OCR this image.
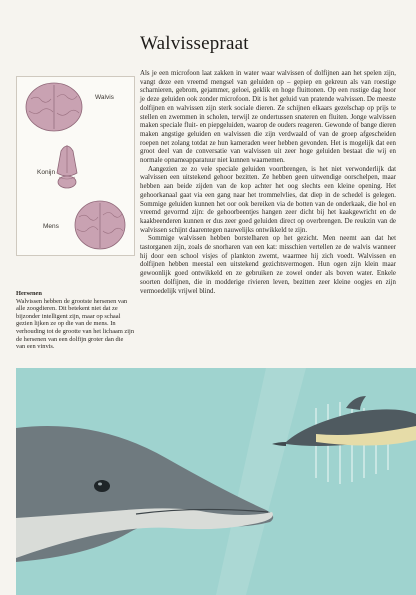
Walvissepraat
Walvis
Konijn
Mens
Hersenen
Walvissen hebben de grootste hersenen van alle zoogdieren. Dit betekent niet dat ze bijzonder intelligent zijn, maar op schaal gezien lijken ze op die van de mens. In verhouding tot de grootte van het lichaam zijn de hersenen van een dolfijn groter dan die van een vinvis.

Als je een microfoon laat zakken in water waar walvissen of dolfijnen aan het spelen zijn, vangt deze een vreemd mengsel van geluiden op – gepiep en gekreun als van roestige scharnieren, gebrom, gejammer, geloei, geklik en hoge fluittonen. Op een rustige dag hoor je deze geluiden ook zonder microfoon. Dit is het geluid van pratende walvissen. De meeste dolfijnen en walvissen zijn sterk sociale dieren. Ze schijnen elkaars gezelschap op prijs te stellen en zwemmen in scholen, terwijl ze ondertussen snateren en fluiten. Jonge walvissen maken speciale fluit- en piepgeluiden, waarop de ouders reageren. Gewonde of bange dieren maken angstige geluiden en walvissen die zijn verdwaald of van de groep afgescheiden roepen net zolang totdat ze hun kameraden weer hebben gevonden. Het is mogelijk dat een groot deel van de conversatie van walvissen uit zeer hoge geluiden bestaat die wij en normale opnameapparatuur niet kunnen waarnemen.

Aangezien ze zo vele speciale geluiden voortbrengen, is het niet verwonderlijk dat walvissen een uitstekend gehoor bezitten. Ze hebben geen uitwendige oorschelpen, maar hebben aan beide zijden van de kop achter het oog slechts een kleine opening. Het gehoorkanaal gaat via een gang naar het trommelvlies, dat diep in de schedel is gelegen. Sommige geluiden kunnen het oor ook bereiken via de botten van de onderkaak, die hol en vreemd gevormd zijn: de gehoorbeentjes hangen zeer dicht bij het kaakgewricht en de kaakbeenderen kunnen er dus zeer goed geluiden direct op overbrengen. De reukzin van de walvissen schijnt daarentegen nauwelijks ontwikkeld te zijn.

Sommige walvissen hebben borstelharen op het gezicht. Men neemt aan dat het tastorganen zijn, zoals de snorharen van een kat: misschien vertellen ze de walvis wanneer hij door een school visjes of plankton zwemt, waarmee hij zich voedt. Walvissen en dolfijnen hebben meestal een uitstekend gezichtsvermogen. Hun ogen zijn klein maar gewoonlijk goed ontwikkeld en ze gebruiken ze zowel onder als boven water. Enkele soorten dolfijnen, die in modderige rivieren leven, bezitten zeer kleine oogjes en zijn vermoedelijk vrijwel blind.
